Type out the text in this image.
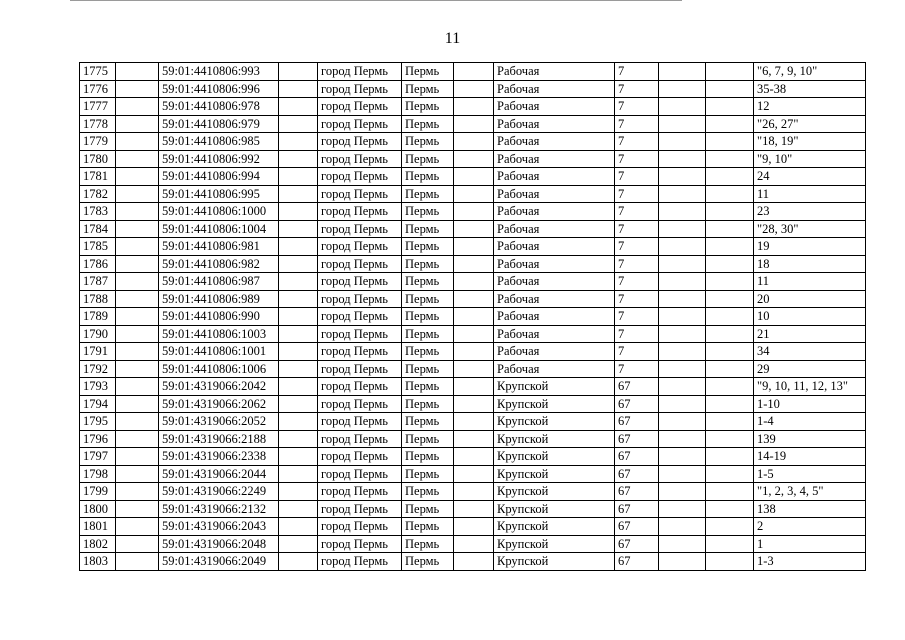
11
1775		59:01:4410806:993		город Пермь	Пермь		Рабочая	7			"6, 7, 9, 10"
1776		59:01:4410806:996		город Пермь	Пермь		Рабочая	7			35-38
1777		59:01:4410806:978		город Пермь	Пермь		Рабочая	7			12
1778		59:01:4410806:979		город Пермь	Пермь		Рабочая	7			"26, 27"
1779		59:01:4410806:985		город Пермь	Пермь		Рабочая	7			"18, 19"
1780		59:01:4410806:992		город Пермь	Пермь		Рабочая	7			"9, 10"
1781		59:01:4410806:994		город Пермь	Пермь		Рабочая	7			24
1782		59:01:4410806:995		город Пермь	Пермь		Рабочая	7			11
1783		59:01:4410806:1000		город Пермь	Пермь		Рабочая	7			23
1784		59:01:4410806:1004		город Пермь	Пермь		Рабочая	7			"28, 30"
1785		59:01:4410806:981		город Пермь	Пермь		Рабочая	7			19
1786		59:01:4410806:982		город Пермь	Пермь		Рабочая	7			18
1787		59:01:4410806:987		город Пермь	Пермь		Рабочая	7			11
1788		59:01:4410806:989		город Пермь	Пермь		Рабочая	7			20
1789		59:01:4410806:990		город Пермь	Пермь		Рабочая	7			10
1790		59:01:4410806:1003		город Пермь	Пермь		Рабочая	7			21
1791		59:01:4410806:1001		город Пермь	Пермь		Рабочая	7			34
1792		59:01:4410806:1006		город Пермь	Пермь		Рабочая	7			29
1793		59:01:4319066:2042		город Пермь	Пермь		Крупской	67			"9, 10, 11, 12, 13"
1794		59:01:4319066:2062		город Пермь	Пермь		Крупской	67			1-10
1795		59:01:4319066:2052		город Пермь	Пермь		Крупской	67			1-4
1796		59:01:4319066:2188		город Пермь	Пермь		Крупской	67			139
1797		59:01:4319066:2338		город Пермь	Пермь		Крупской	67			14-19
1798		59:01:4319066:2044		город Пермь	Пермь		Крупской	67			1-5
1799		59:01:4319066:2249		город Пермь	Пермь		Крупской	67			"1, 2, 3, 4, 5"
1800		59:01:4319066:2132		город Пермь	Пермь		Крупской	67			138
1801		59:01:4319066:2043		город Пермь	Пермь		Крупской	67			2
1802		59:01:4319066:2048		город Пермь	Пермь		Крупской	67			1
1803		59:01:4319066:2049		город Пермь	Пермь		Крупской	67			1-3
